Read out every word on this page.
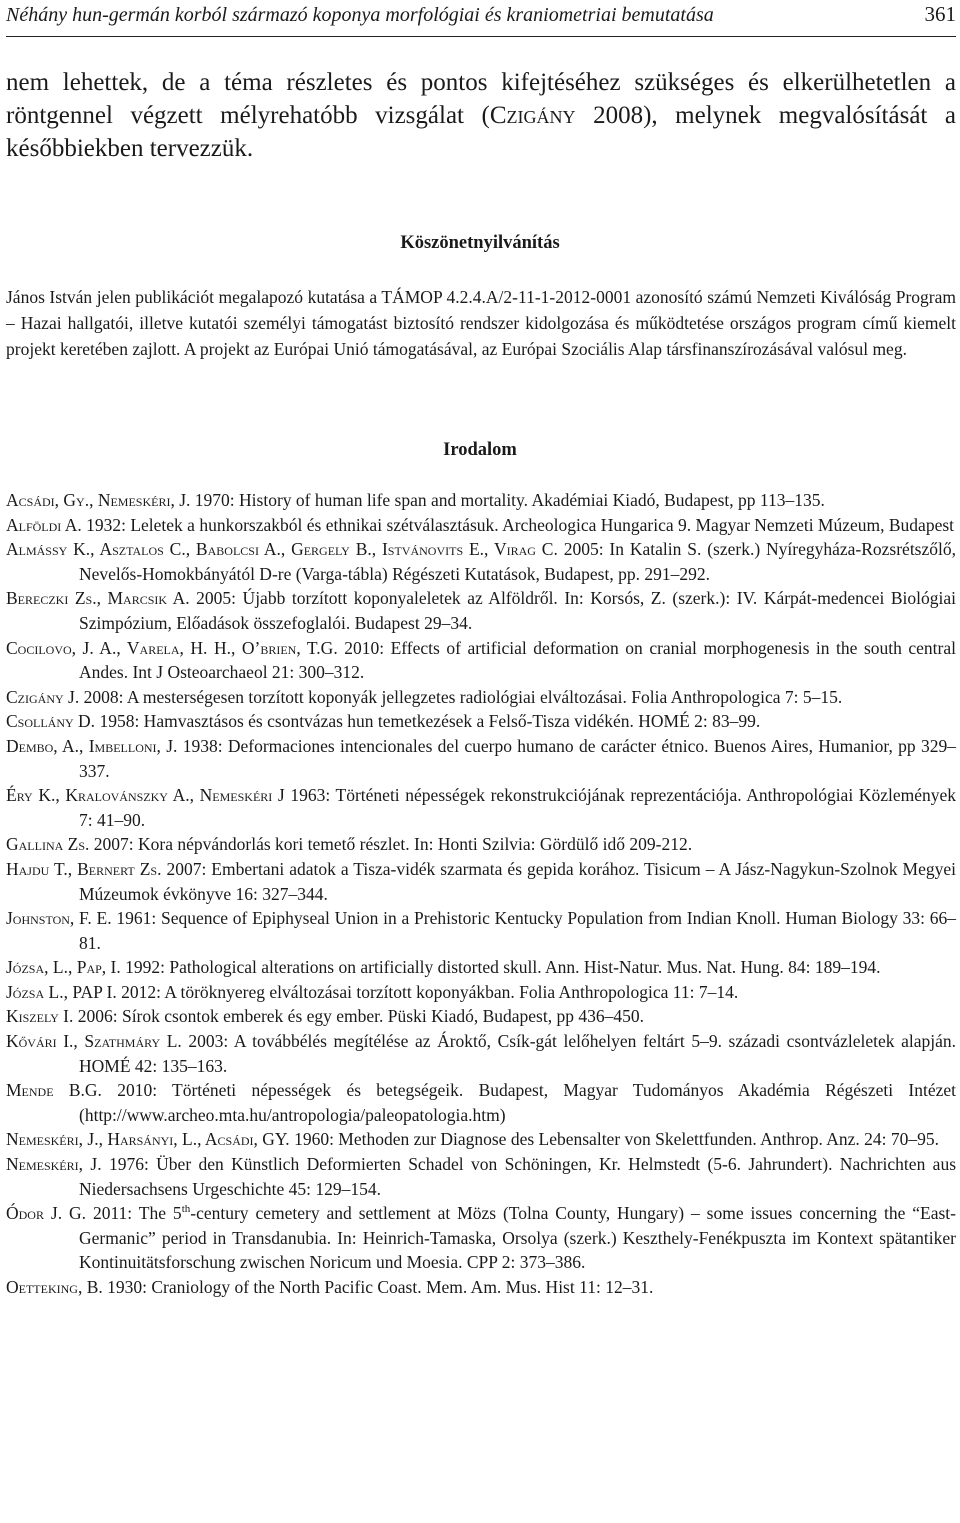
Néhány hun-germán korból származó koponya morfológiai és kraniometriai bemutatása	361

nem lehettek, de a téma részletes és pontos kifejtéséhez szükséges és elkerülhetetlen a röntgennel végzett mélyrehatóbb vizsgálat (Czigány 2008), melynek megvalósítását a későbbiekben tervezzük.

Köszönetnyilvánítás

János István jelen publikációt megalapozó kutatása a TÁMOP 4.2.4.A/2-11-1-2012-0001 azonosító számú Nemzeti Kiválóság Program – Hazai hallgatói, illetve kutatói személyi támogatást biztosító rendszer kidolgozása és működtetése országos program című kiemelt projekt keretében zajlott. A projekt az Európai Unió támogatásával, az Európai Szociális Alap társfinanszírozásával valósul meg.

Irodalom

Acsádi, Gy., Nemeskéri, J. 1970: History of human life span and mortality. Akadémiai Kiadó, Budapest, pp 113–135.

Alföldi A. 1932: Leletek a hunkorszakból és ethnikai szétválasztásuk. Archeologica Hungarica 9. Magyar Nemzeti Múzeum, Budapest

Almássy K., Asztalos C., Babolcsi A., Gergely B., Istvánovits E., Virag C. 2005: In Katalin S. (szerk.) Nyíregyháza-Rozsrétszőlő, Nevelős-Homokbányától D-re (Varga-tábla) Régészeti Kutatások, Budapest, pp. 291–292.

Bereczki Zs., Marcsik A. 2005: Újabb torzított koponyaleletek az Alföldről. In: Korsós, Z. (szerk.): IV. Kárpát-medencei Biológiai Szimpózium, Előadások összefoglalói. Budapest 29–34.

Cocilovo, J. A., Varela, H. H., O’brien, T.G. 2010: Effects of artificial deformation on cranial morphogenesis in the south central Andes. Int J Osteoarchaeol 21: 300–312.

Czigány J. 2008: A mesterségesen torzított koponyák jellegzetes radiológiai elváltozásai. Folia Anthropologica 7: 5–15.

Csollány D. 1958: Hamvasztásos és csontvázas hun temetkezések a Felső-Tisza vidékén. HOMÉ 2: 83–99.

Dembo, A., Imbelloni, J. 1938: Deformaciones intencionales del cuerpo humano de carácter étnico. Buenos Aires, Humanior, pp 329–337.

Éry K., Kralovánszky A., Nemeskéri J 1963: Történeti népességek rekonstrukciójának reprezentációja. Anthropológiai Közlemények 7: 41–90.

Gallina Zs. 2007: Kora népvándorlás kori temető részlet. In: Honti Szilvia: Gördülő idő 209-212.

Hajdu T., Bernert Zs. 2007: Embertani adatok a Tisza-vidék szarmata és gepida korához. Tisicum – A Jász-Nagykun-Szolnok Megyei Múzeumok évkönyve 16: 327–344.

Johnston, F. E. 1961: Sequence of Epiphyseal Union in a Prehistoric Kentucky Population from Indian Knoll. Human Biology 33: 66–81.

Józsa, L., Pap, I. 1992: Pathological alterations on artificially distorted skull. Ann. Hist-Natur. Mus. Nat. Hung. 84: 189–194.

Józsa L., PAP I. 2012: A töröknyereg elváltozásai torzított koponyákban. Folia Anthropologica 11: 7–14.

Kiszely I. 2006: Sírok csontok emberek és egy ember. Püski Kiadó, Budapest, pp 436–450.

Kővári I., Szathmáry L. 2003: A továbbélés megítélése az Ároktő, Csík-gát lelőhelyen feltárt 5–9. századi csontvázleletek alapján. HOMÉ 42: 135–163.

Mende B.G. 2010: Történeti népességek és betegségeik. Budapest, Magyar Tudományos Akadémia Régészeti Intézet (http://www.archeo.mta.hu/antropologia/paleopatologia.htm)

Nemeskéri, J., Harsányi, L., Acsádi, GY. 1960: Methoden zur Diagnose des Lebensalter von Skelettfunden. Anthrop. Anz. 24: 70–95.

Nemeskéri, J. 1976: Über den Künstlich Deformierten Schadel von Schöningen, Kr. Helmstedt (5-6. Jahrundert). Nachrichten aus Niedersachsens Urgeschichte 45: 129–154.

Ódor J. G. 2011: The 5th-century cemetery and settlement at Mözs (Tolna County, Hungary) – some issues concerning the “East-Germanic” period in Transdanubia. In: Heinrich-Tamaska, Orsolya (szerk.) Keszthely-Fenékpuszta im Kontext spätantiker Kontinuitätsforschung zwischen Noricum und Moesia. CPP 2: 373–386.

Oetteking, B. 1930: Craniology of the North Pacific Coast. Mem. Am. Mus. Hist 11: 12–31.
